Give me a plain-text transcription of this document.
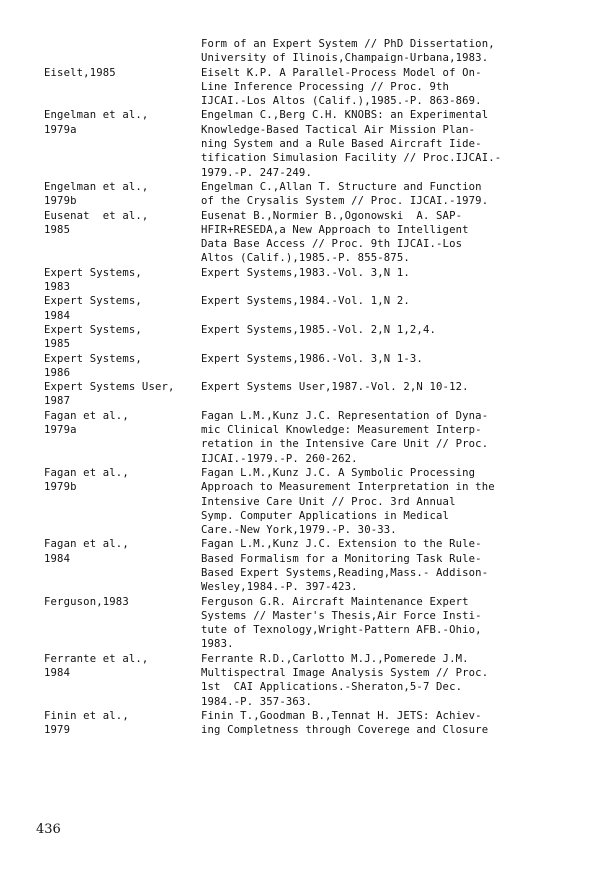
Form of an Expert System // PhD Dissertation,
University of Ilinois,Champaign-Urbana,1983.
Eiselt,1985	Eiselt K.P. A Parallel-Process Model of On-
Line Inference Processing // Proc. 9th
IJCAI.-Los Altos (Calif.),1985.-P. 863-869.
Engelman et al.,
1979a
Engelman C.,Berg C.H. KNOBS: an Experimental
Knowledge-Based Tactical Air Mission Plan-
ning System and a Rule Based Aircraft Iide-
tification Simulasion Facility // Proc.IJCAI.-
1979.-P. 247-249.
Engelman et al.,
1979b
Engelman C.,Allan T. Structure and Function
of the Crysalis System // Proc. IJCAI.-1979.
Eusenat  et al.,
1985
Eusenat B.,Normier B.,Ogonowski  A. SAP-
HFIR+RESEDA,a New Approach to Intelligent
Data Base Access // Proc. 9th IJCAI.-Los
Altos (Calif.),1985.-P. 855-875.
Expert Systems,
1983
Expert Systems,1983.-Vol. 3,N 1.
Expert Systems,
1984
Expert Systems,1984.-Vol. 1,N 2.
Expert Systems,
1985
Expert Systems,1985.-Vol. 2,N 1,2,4.
Expert Systems,
1986
Expert Systems,1986.-Vol. 3,N 1-3.
Expert Systems User,
1987
Expert Systems User,1987.-Vol. 2,N 10-12.
Fagan et al.,
1979a
Fagan L.M.,Kunz J.C. Representation of Dyna-
mic Clinical Knowledge: Measurement Interp-
retation in the Intensive Care Unit // Proc.
IJCAI.-1979.-P. 260-262.
Fagan et al.,
1979b
Fagan L.M.,Kunz J.C. A Symbolic Processing
Approach to Measurement Interpretation in the
Intensive Care Unit // Proc. 3rd Annual
Symp. Computer Applications in Medical
Care.-New York,1979.-P. 30-33.
Fagan et al.,
1984
Fagan L.M.,Kunz J.C. Extension to the Rule-
Based Formalism for a Monitoring Task Rule-
Based Expert Systems,Reading,Mass.- Addison-
Wesley,1984.-P. 397-423.
Ferguson,1983	Ferguson G.R. Aircraft Maintenance Expert
Systems // Master's Thesis,Air Force Insti-
tute of Texnology,Wright-Pattern AFB.-Ohio,
1983.
Ferrante et al.,
1984
Ferrante R.D.,Carlotto M.J.,Pomerede J.M.
Multispectral Image Analysis System // Proc.
1st  CAI Applications.-Sheraton,5-7 Dec.
1984.-P. 357-363.
Finin et al.,
1979
Finin T.,Goodman B.,Tennat H. JETS: Achiev-
ing Completness through Coverege and Closure
436
